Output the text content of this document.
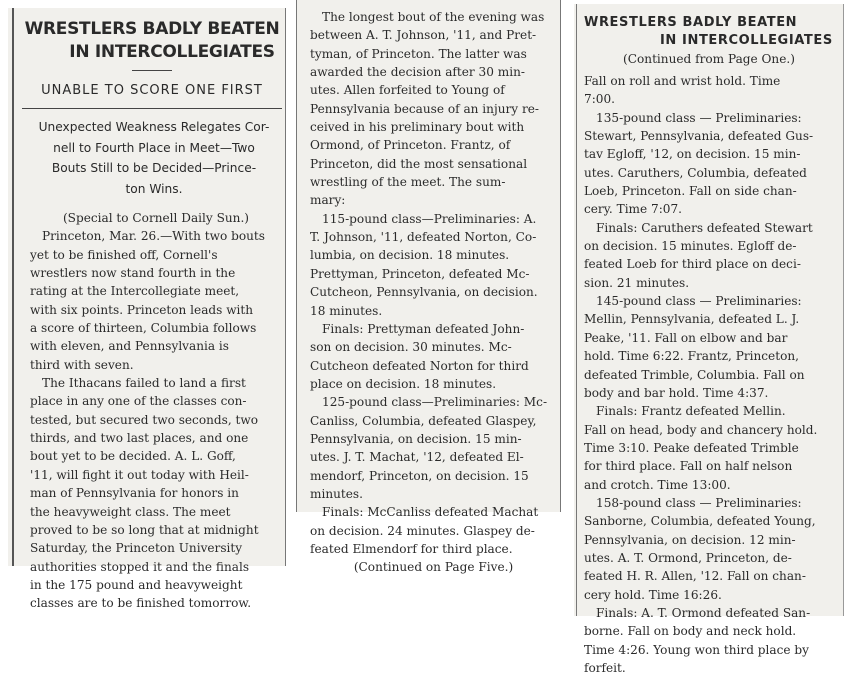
WRESTLERS BADLY BEATEN
IN INTERCOLLEGIATES
UNABLE TO SCORE ONE FIRST
Unexpected Weakness Relegates Cor-
nell to Fourth Place in Meet—Two
Bouts Still to be Decided—Prince-
ton Wins.
(Special to Cornell Daily Sun.)
Princeton, Mar. 26.—With two bouts
yet to be finished off, Cornell's
wrestlers now stand fourth in the
rating at the Intercollegiate meet,
with six points. Princeton leads with
a score of thirteen, Columbia follows
with eleven, and Pennsylvania is
third with seven.
The Ithacans failed to land a first
place in any one of the classes con-
tested, but secured two seconds, two
thirds, and two last places, and one
bout yet to be decided. A. L. Goff,
'11, will fight it out today with Heil-
man of Pennsylvania for honors in
the heavyweight class. The meet
proved to be so long that at midnight
Saturday, the Princeton University
authorities stopped it and the finals
in the 175 pound and heavyweight
classes are to be finished tomorrow.
The longest bout of the evening was
between A. T. Johnson, '11, and Pret-
tyman, of Princeton. The latter was
awarded the decision after 30 min-
utes. Allen forfeited to Young of
Pennsylvania because of an injury re-
ceived in his preliminary bout with
Ormond, of Princeton. Frantz, of
Princeton, did the most sensational
wrestling of the meet. The sum-
mary:
115-pound class—Preliminaries: A.
T. Johnson, '11, defeated Norton, Co-
lumbia, on decision. 18 minutes.
Prettyman, Princeton, defeated Mc-
Cutcheon, Pennsylvania, on decision.
18 minutes.
Finals: Prettyman defeated John-
son on decision. 30 minutes. Mc-
Cutcheon defeated Norton for third
place on decision. 18 minutes.
125-pound class—Preliminaries: Mc-
Canliss, Columbia, defeated Glaspey,
Pennsylvania, on decision. 15 min-
utes. J. T. Machat, '12, defeated El-
mendorf, Princeton, on decision. 15
minutes.
Finals: McCanliss defeated Machat
on decision. 24 minutes. Glaspey de-
feated Elmendorf for third place.
(Continued on Page Five.)
WRESTLERS BADLY BEATEN
IN INTERCOLLEGIATES
(Continued from Page One.)
Fall on roll and wrist hold. Time
7:00.
135-pound class — Preliminaries:
Stewart, Pennsylvania, defeated Gus-
tav Egloff, '12, on decision. 15 min-
utes. Caruthers, Columbia, defeated
Loeb, Princeton. Fall on side chan-
cery. Time 7:07.
Finals: Caruthers defeated Stewart
on decision. 15 minutes. Egloff de-
feated Loeb for third place on deci-
sion. 21 minutes.
145-pound class — Preliminaries:
Mellin, Pennsylvania, defeated L. J.
Peake, '11. Fall on elbow and bar
hold. Time 6:22. Frantz, Princeton,
defeated Trimble, Columbia. Fall on
body and bar hold. Time 4:37.
Finals: Frantz defeated Mellin.
Fall on head, body and chancery hold.
Time 3:10. Peake defeated Trimble
for third place. Fall on half nelson
and crotch. Time 13:00.
158-pound class — Preliminaries:
Sanborne, Columbia, defeated Young,
Pennsylvania, on decision. 12 min-
utes. A. T. Ormond, Princeton, de-
feated H. R. Allen, '12. Fall on chan-
cery hold. Time 16:26.
Finals: A. T. Ormond defeated San-
borne. Fall on body and neck hold.
Time 4:26. Young won third place by
forfeit.
